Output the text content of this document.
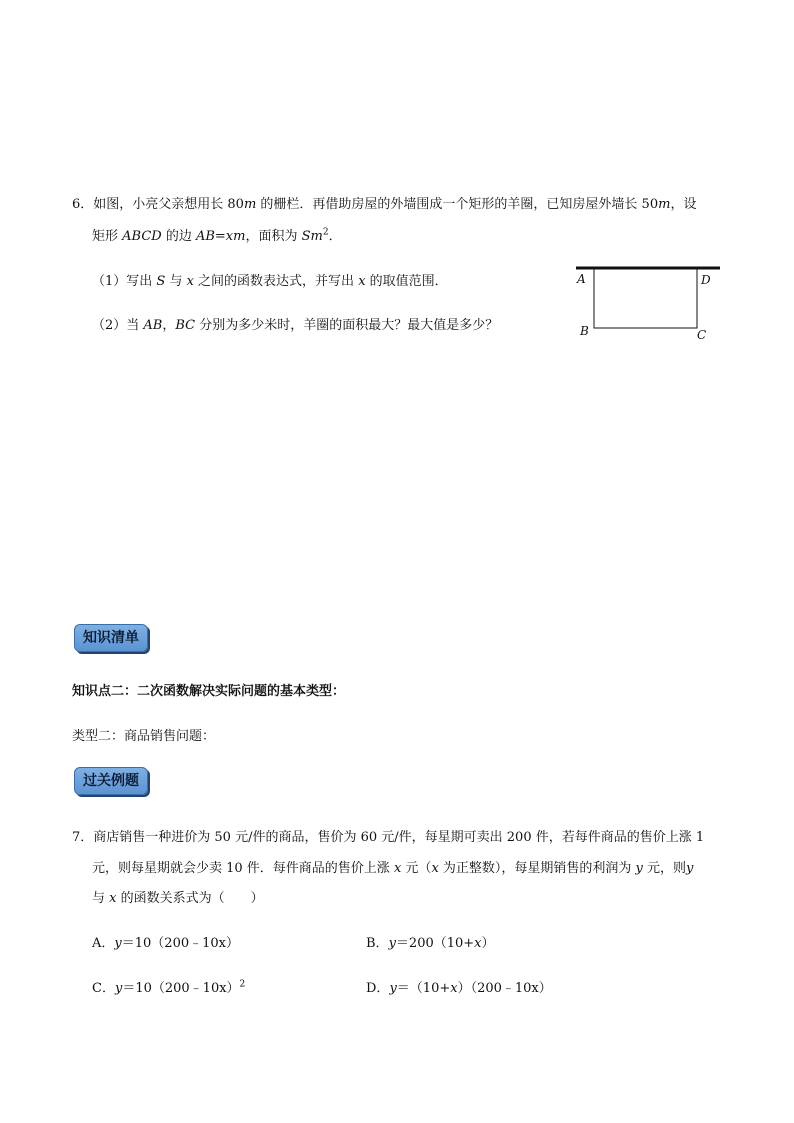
6．如图，小亮父亲想用长 80m 的栅栏．再借助房屋的外墙围成一个矩形的羊圈，已知房屋外墙长 50m，设
矩形 ABCD 的边 AB=xm，面积为 Sm$^2$．
（1）写出 S 与 x 之间的函数表达式，并写出 x 的取值范围．
（2）当 AB，BC 分别为多少米时，羊圈的面积最大？最大值是多少？
A	D
B	C
知识清单
知识点二：二次函数解决实际问题的基本类型：
类型二：商品销售问题：
过关例题
7．商店销售一种进价为 50 元/件的商品，售价为 60 元/件，每星期可卖出 200 件，若每件商品的售价上涨 1
元，则每星期就会少卖 10 件．每件商品的售价上涨 x 元（x 为正整数），每星期销售的利润为 y 元，则y
与 x 的函数关系式为（　　）
A．y＝10（200﹣10x）	B．y＝200（10+x）
C．y＝10（200﹣10x）$^2$	D．y＝（10+x）（200﹣10x）
